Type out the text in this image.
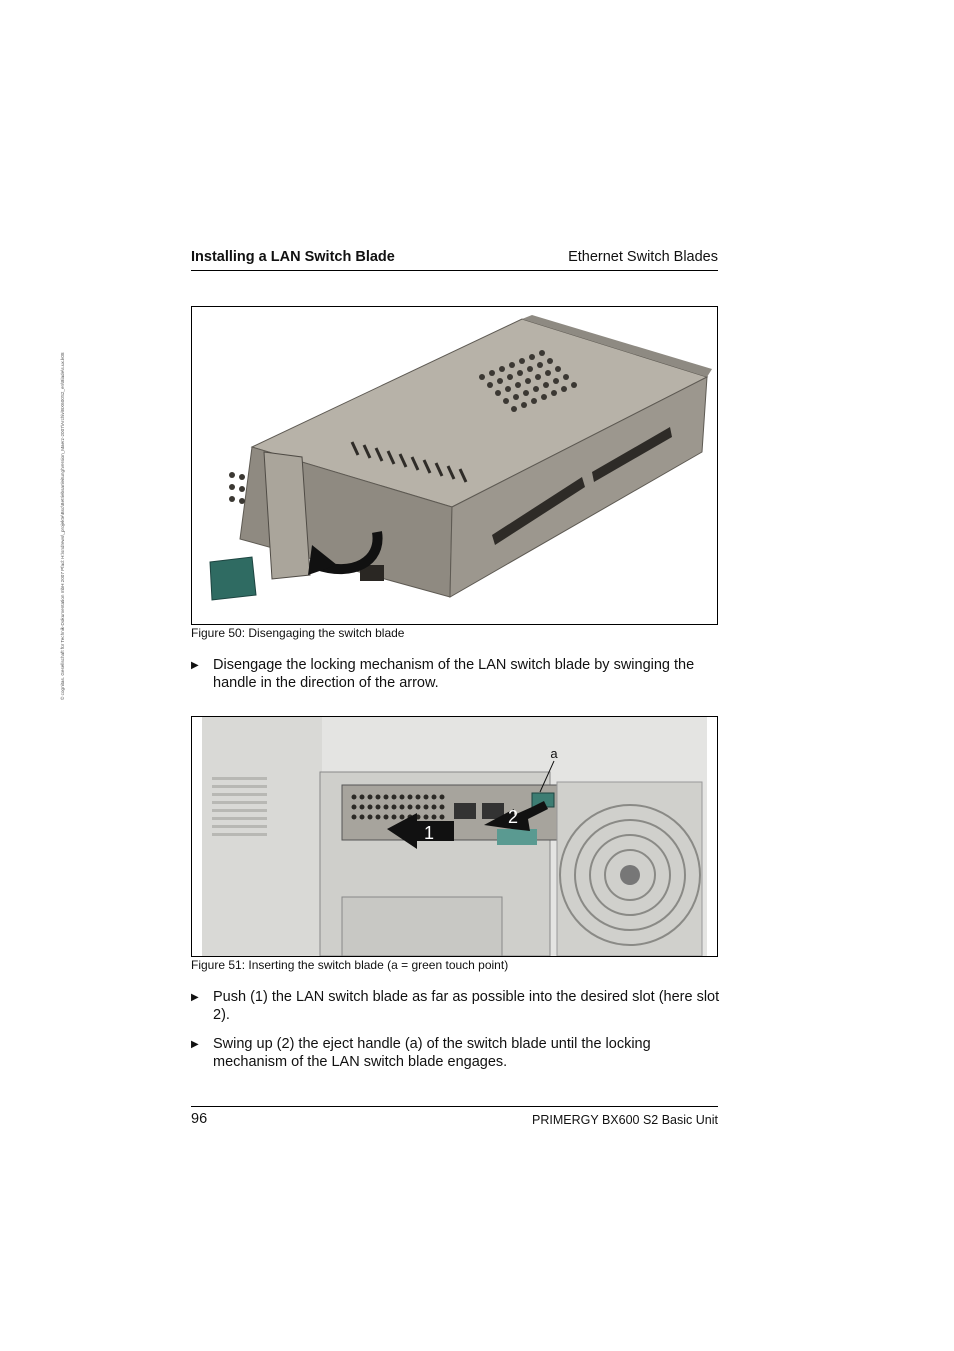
© cognitas. Gesellschaft für Technik-Dokumentation mbH 2007 Pfad: H:\sndrews\_projekte\Bsc\Betriebsanleitung\Version_Maerz-2007\Archiv\BX600S2_en\Blade\s.ux.k08
Installing a LAN Switch Blade	Ethernet Switch Blades
Figure 50: Disengaging the switch blade
▶ Disengage the locking mechanism of the LAN switch blade by swinging the handle in the direction of the arrow.
a
1
2
Figure 51: Inserting the switch blade (a = green touch point)
▶ Push (1) the LAN switch blade as far as possible into the desired slot (here slot 2).
▶ Swing up (2) the eject handle (a) of the switch blade until the locking mechanism of the LAN switch blade engages.
96	PRIMERGY BX600 S2 Basic Unit
